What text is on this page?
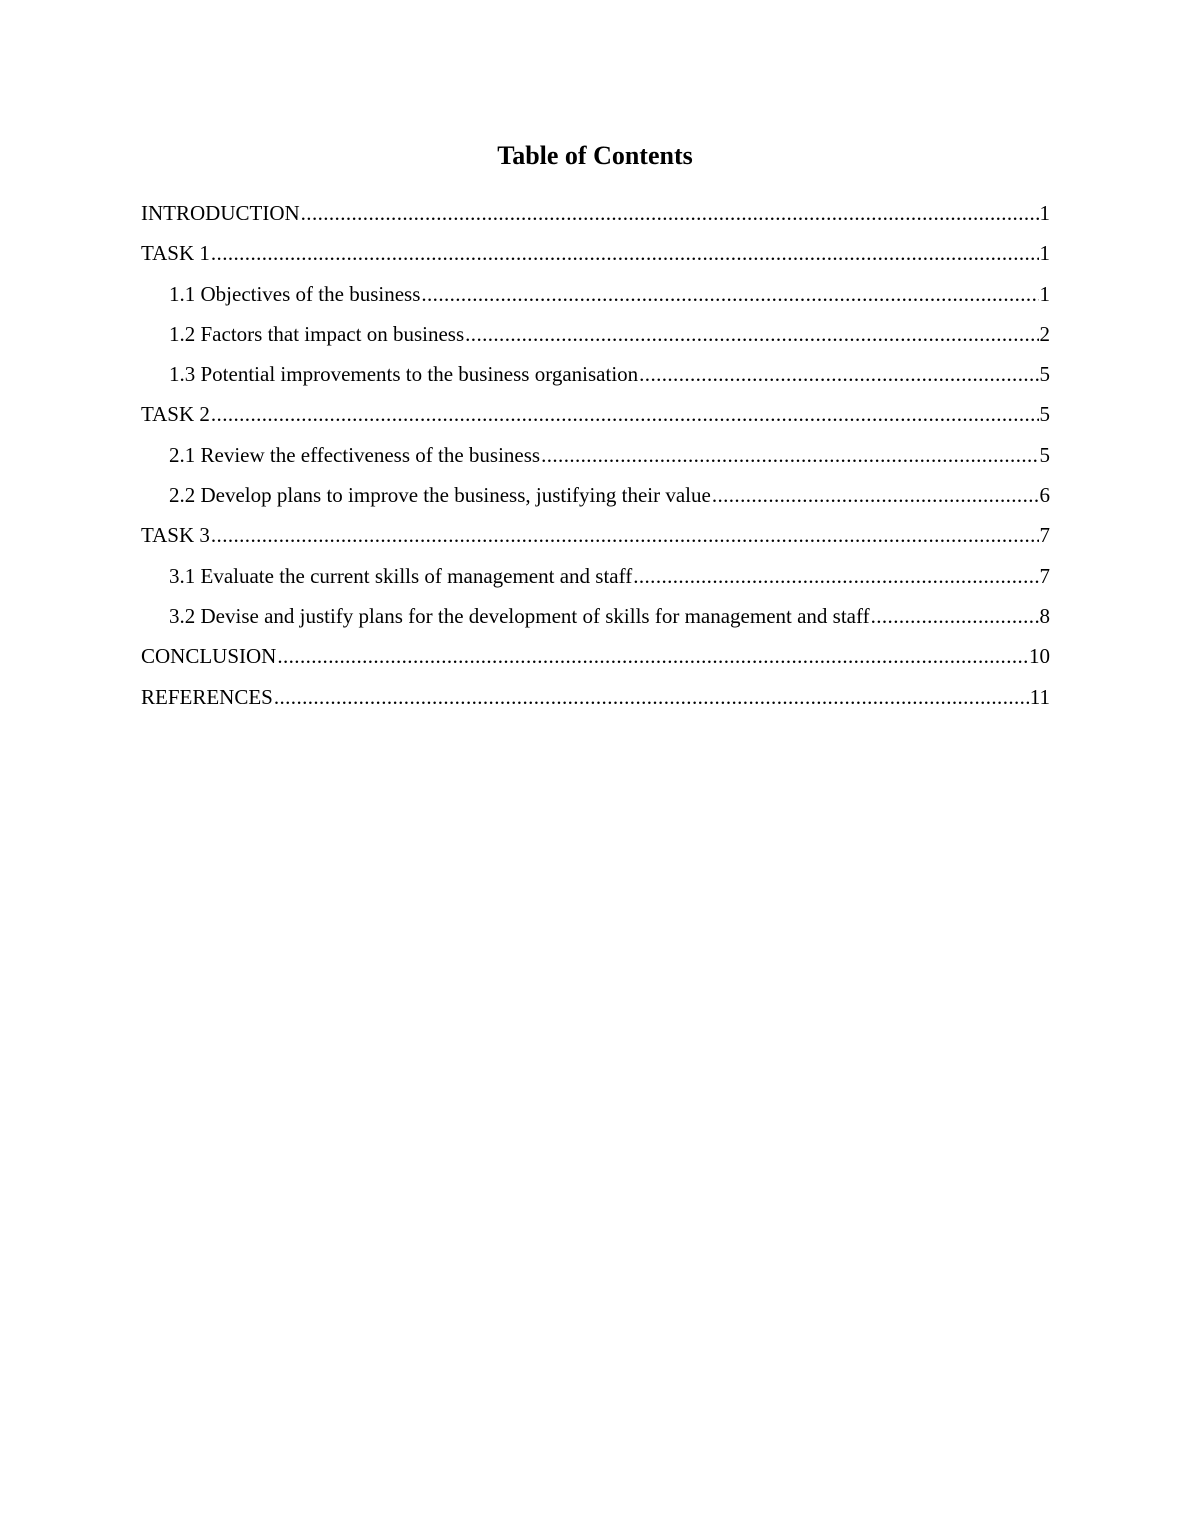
Table of Contents
INTRODUCTION .....	1
TASK 1 .....	1
1.1 Objectives of the business .....	1
1.2 Factors that impact on business .....	2
1.3 Potential improvements to the business organisation .....	5
TASK 2 .....	5
2.1 Review the effectiveness of the business .....	5
2.2 Develop plans to improve the business, justifying their value .....	6
TASK 3 .....	7
3.1 Evaluate the current skills of management and staff .....	7
3.2 Devise and justify plans for the development of skills for management and staff .....	8
CONCLUSION .....	10
REFERENCES .....	11
